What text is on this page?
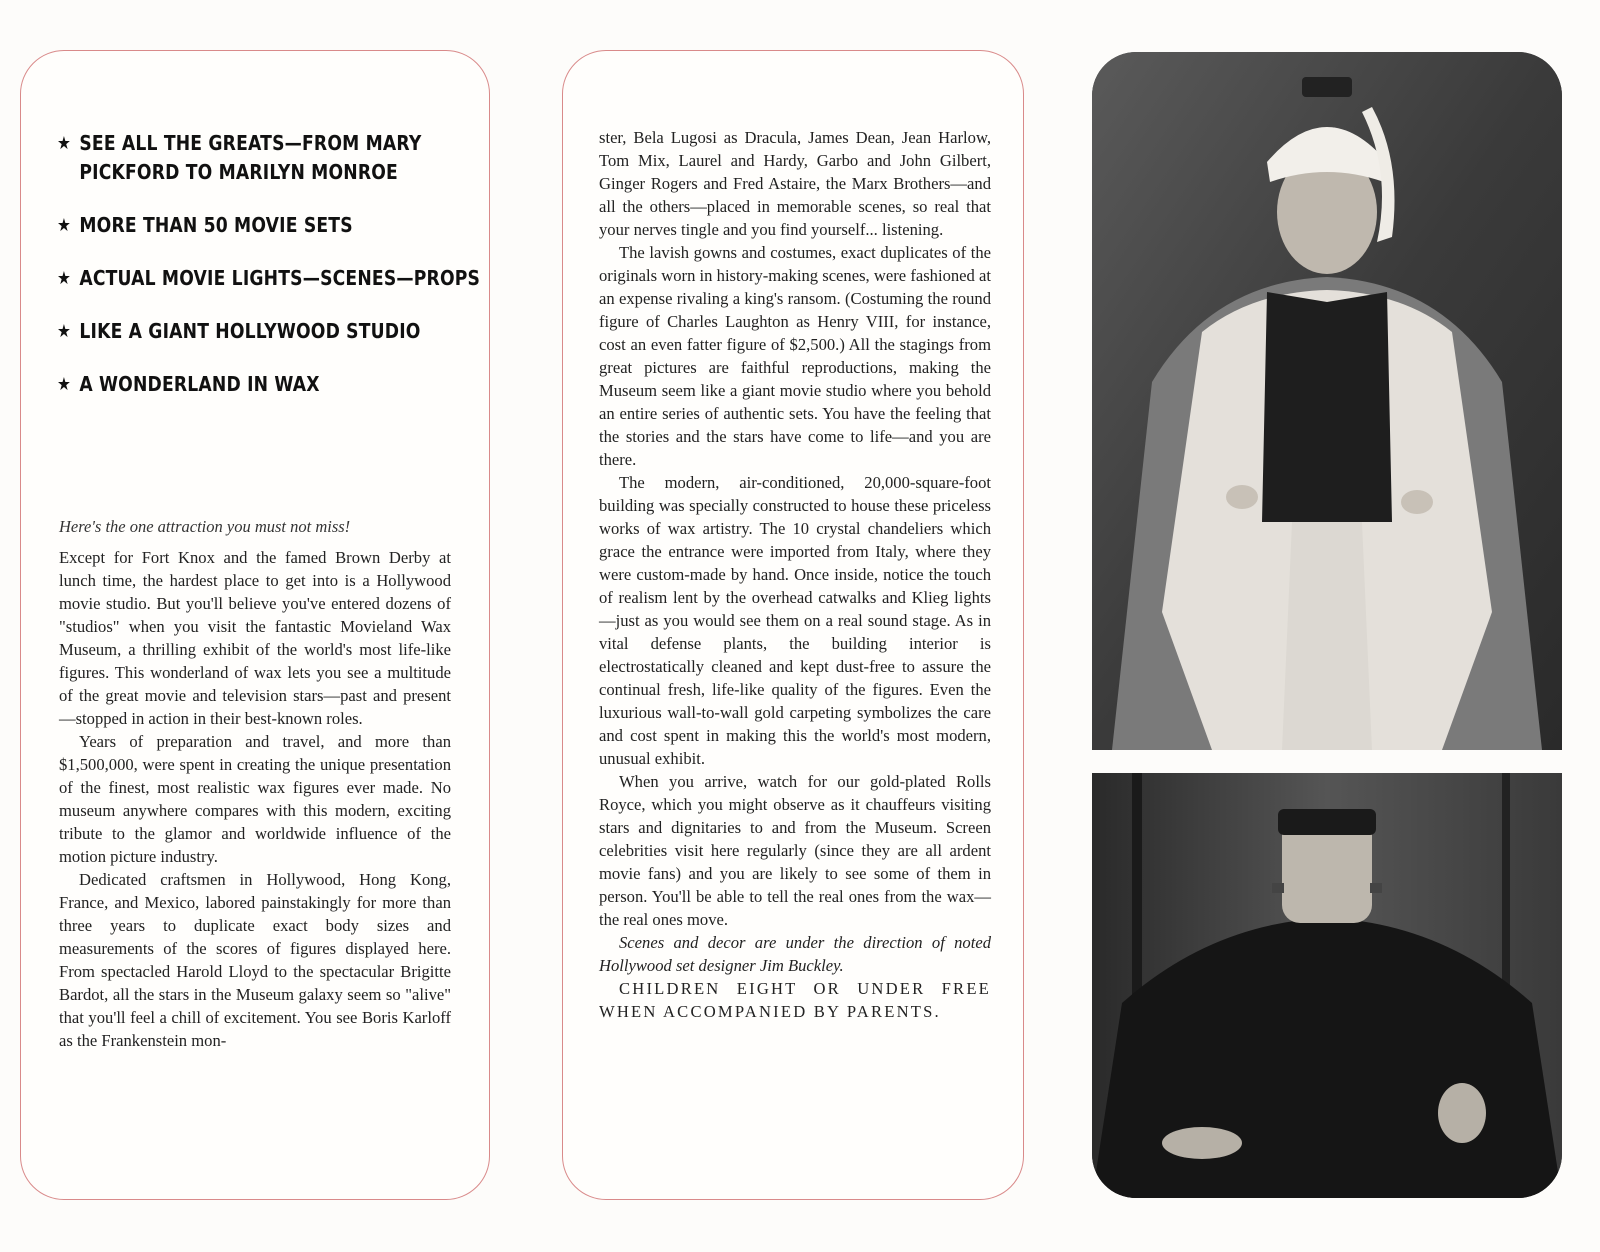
★ SEE ALL THE GREATS—FROM MARY PICKFORD TO MARILYN MONROE
★ MORE THAN 50 MOVIE SETS
★ ACTUAL MOVIE LIGHTS—SCENES—PROPS
★ LIKE A GIANT HOLLYWOOD STUDIO
★ A WONDERLAND IN WAX

Here's the one attraction you must not miss!

Except for Fort Knox and the famed Brown Derby at lunch time, the hardest place to get into is a Hollywood movie studio. But you'll believe you've entered dozens of "studios" when you visit the fantastic Movieland Wax Museum, a thrilling exhibit of the world's most life-like figures. This wonderland of wax lets you see a multitude of the great movie and television stars—past and present—stopped in action in their best-known roles.

Years of preparation and travel, and more than $1,500,000, were spent in creating the unique presentation of the finest, most realistic wax figures ever made. No museum anywhere compares with this modern, exciting tribute to the glamor and worldwide influence of the motion picture industry.

Dedicated craftsmen in Hollywood, Hong Kong, France, and Mexico, labored painstakingly for more than three years to duplicate exact body sizes and measurements of the scores of figures displayed here. From spectacled Harold Lloyd to the spectacular Brigitte Bardot, all the stars in the Museum galaxy seem so "alive" that you'll feel a chill of excitement. You see Boris Karloff as the Frankenstein mon-

ster, Bela Lugosi as Dracula, James Dean, Jean Harlow, Tom Mix, Laurel and Hardy, Garbo and John Gilbert, Ginger Rogers and Fred Astaire, the Marx Brothers—and all the others—placed in memorable scenes, so real that your nerves tingle and you find yourself... listening.

The lavish gowns and costumes, exact duplicates of the originals worn in history-making scenes, were fashioned at an expense rivaling a king's ransom. (Costuming the round figure of Charles Laughton as Henry VIII, for instance, cost an even fatter figure of $2,500.) All the stagings from great pictures are faithful reproductions, making the Museum seem like a giant movie studio where you behold an entire series of authentic sets. You have the feeling that the stories and the stars have come to life—and you are there.

The modern, air-conditioned, 20,000-square-foot building was specially constructed to house these priceless works of wax artistry. The 10 crystal chandeliers which grace the entrance were imported from Italy, where they were custom-made by hand. Once inside, notice the touch of realism lent by the overhead catwalks and Klieg lights—just as you would see them on a real sound stage. As in vital defense plants, the building interior is electrostatically cleaned and kept dust-free to assure the continual fresh, life-like quality of the figures. Even the luxurious wall-to-wall gold carpeting symbolizes the care and cost spent in making this the world's most modern, unusual exhibit.

When you arrive, watch for our gold-plated Rolls Royce, which you might observe as it chauffeurs visiting stars and dignitaries to and from the Museum. Screen celebrities visit here regularly (since they are all ardent movie fans) and you are likely to see some of them in person. You'll be able to tell the real ones from the wax—the real ones move.

Scenes and decor are under the direction of noted Hollywood set designer Jim Buckley.

CHILDREN EIGHT OR UNDER FREE WHEN ACCOMPANIED BY PARENTS.
